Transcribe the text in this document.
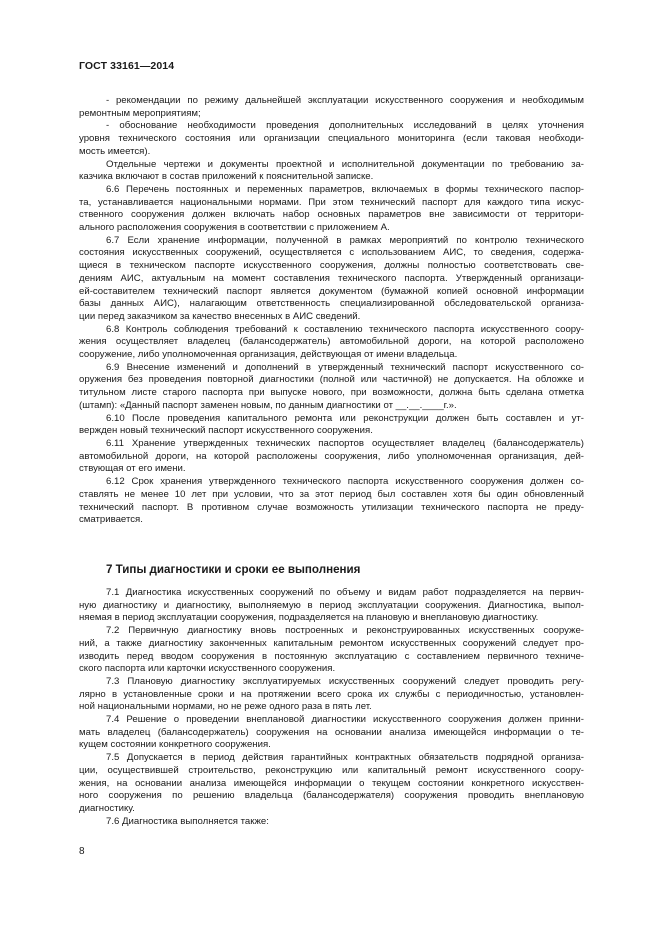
ГОСТ 33161—2014

- рекомендации по режиму дальнейшей эксплуатации искусственного сооружения и необходимым
ремонтным мероприятиям;

- обоснование необходимости проведения дополнительных исследований в целях уточнения
уровня технического состояния или организации специального мониторинга (если таковая необходи-
мость имеется).

Отдельные чертежи и документы проектной и исполнительной документации по требованию за-
казчика включают в состав приложений к пояснительной записке.

6.6 Перечень постоянных и переменных параметров, включаемых в формы технического паспор-
та, устанавливается национальными нормами. При этом технический паспорт для каждого типа искус-
ственного сооружения должен включать набор основных параметров вне зависимости от территори-
ального расположения сооружения в соответствии с приложением А.

6.7 Если хранение информации, полученной в рамках мероприятий по контролю технического
состояния искусственных сооружений, осуществляется с использованием АИС, то сведения, содержа-
щиеся в техническом паспорте искусственного сооружения, должны полностью соответствовать све-
дениям АИС, актуальным на момент составления технического паспорта. Утвержденный организаци-
ей-составителем технический паспорт является документом (бумажной копией основной информации
базы данных АИС), налагающим ответственность специализированной обследовательской организа-
ции перед заказчиком за качество внесенных в АИС сведений.

6.8 Контроль соблюдения требований к составлению технического паспорта искусственного соору-
жения осуществляет владелец (балансодержатель) автомобильной дороги, на которой расположено
сооружение, либо уполномоченная организация, действующая от имени владельца.

6.9 Внесение изменений и дополнений в утвержденный технический паспорт искусственного со-
оружения без проведения повторной диагностики (полной или частичной) не допускается. На обложке и
титульном листе старого паспорта при выпуске нового, при возможности, должна быть сделана отметка
(штамп): «Данный паспорт заменен новым, по данным диагностики от __.__.____г.».

6.10 После проведения капитального ремонта или реконструкции должен быть составлен и ут-
вержден новый технический паспорт искусственного сооружения.

6.11 Хранение утвержденных технических паспортов осуществляет владелец (балансодержатель)
автомобильной дороги, на которой расположены сооружения, либо уполномоченная организация, дей-
ствующая от его имени.

6.12 Срок хранения утвержденного технического паспорта искусственного сооружения должен со-
ставлять не менее 10 лет при условии, что за этот период был составлен хотя бы один обновленный
технический паспорт. В противном случае возможность утилизации технического паспорта не преду-
сматривается.

7 Типы диагностики и сроки ее выполнения

7.1 Диагностика искусственных сооружений по объему и видам работ подразделяется на первич-
ную диагностику и диагностику, выполняемую в период эксплуатации сооружения. Диагностика, выпол-
няемая в период эксплуатации сооружения, подразделяется на плановую и внеплановую диагностику.

7.2 Первичную диагностику вновь построенных и реконструированных искусственных сооруже-
ний, а также диагностику законченных капитальным ремонтом искусственных сооружений следует про-
изводить перед вводом сооружения в постоянную эксплуатацию с составлением первичного техниче-
ского паспорта или карточки искусственного сооружения.

7.3 Плановую диагностику эксплуатируемых искусственных сооружений следует проводить регу-
лярно в установленные сроки и на протяжении всего срока их службы с периодичностью, установлен-
ной национальными нормами, но не реже одного раза в пять лет.

7.4 Решение о проведении внеплановой диагностики искусственного сооружения должен принни-
мать владелец (балансодержатель) сооружения на основании анализа имеющейся информации о те-
кущем состоянии конкретного сооружения.

7.5 Допускается в период действия гарантийных контрактных обязательств подрядной организа-
ции, осуществившей строительство, реконструкцию или капитальный ремонт искусственного соору-
жения, на основании анализа имеющейся информации о текущем состоянии конкретного искусствен-
ного сооружения по решению владельца (балансодержателя) сооружения проводить внеплановую
диагностику.

7.6 Диагностика выполняется также:

8
